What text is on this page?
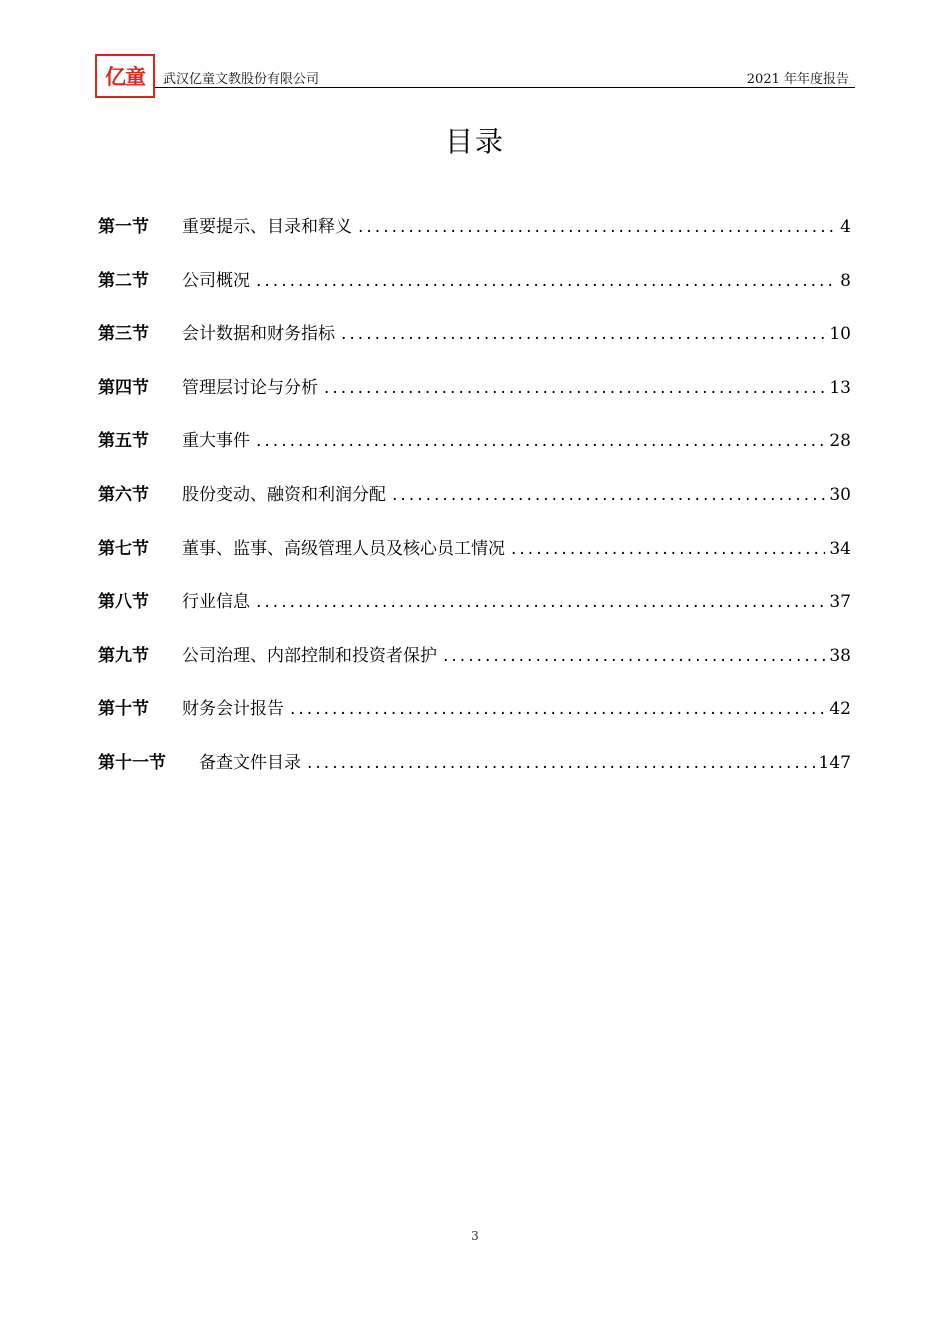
亿童 武汉亿童文教股份有限公司	2021 年年度报告
目录
第一节	重要提示、目录和释义 .....	4
第二节	公司概况 .....	8
第三节	会计数据和财务指标 .....	10
第四节	管理层讨论与分析 .....	13
第五节	重大事件 .....	28
第六节	股份变动、融资和利润分配 .....	30
第七节	董事、监事、高级管理人员及核心员工情况 .....	34
第八节	行业信息 .....	37
第九节	公司治理、内部控制和投资者保护 .....	38
第十节	财务会计报告 .....	42
第十一节	备查文件目录 .....	147
3
